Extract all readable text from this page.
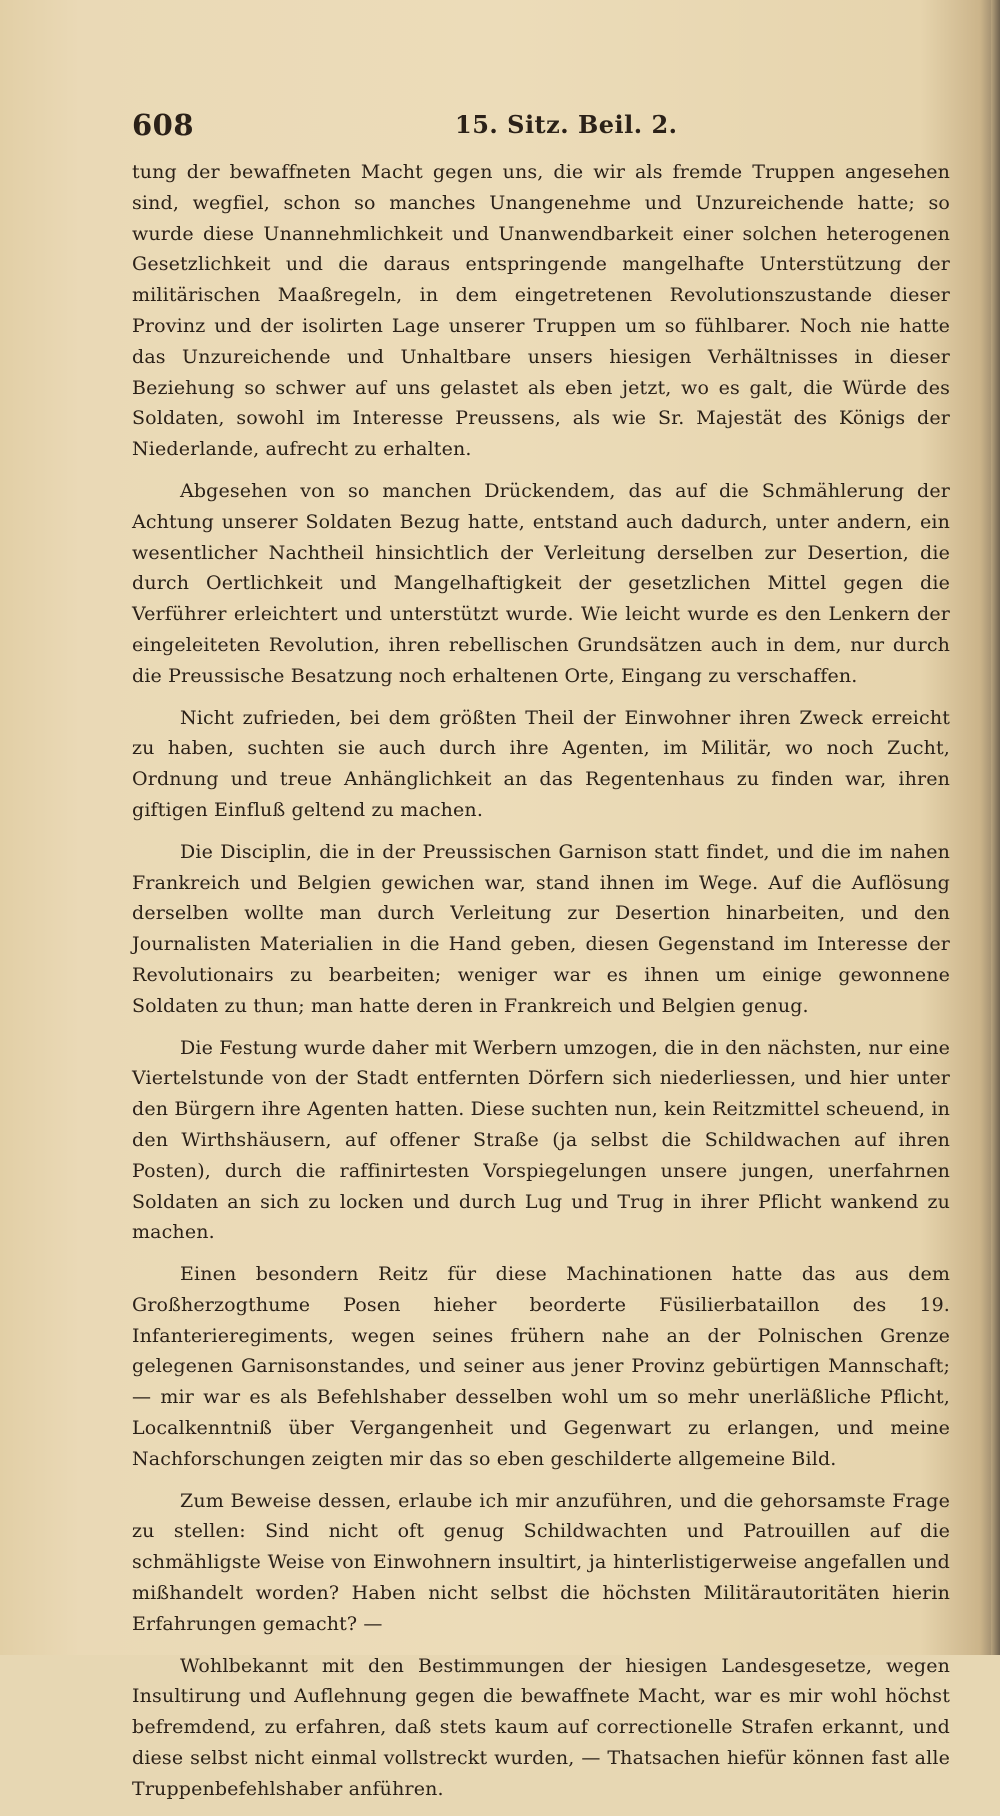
608	15. Sitz. Beil. 2.

tung der bewaffneten Macht gegen uns, die wir als fremde Truppen angesehen sind, wegfiel, schon so manches Unangenehme und Unzureichende hatte; so wurde diese Unannehmlichkeit und Unanwendbarkeit einer solchen heterogenen Gesetzlichkeit und die daraus entspringende mangelhafte Unterstützung der militärischen Maaßregeln, in dem eingetretenen Revolutionszustande dieser Provinz und der isolirten Lage unserer Truppen um so fühlbarer. Noch nie hatte das Unzureichende und Unhaltbare unsers hiesigen Verhältnisses in dieser Beziehung so schwer auf uns gelastet als eben jetzt, wo es galt, die Würde des Soldaten, sowohl im Interesse Preussens, als wie Sr. Majestät des Königs der Niederlande, aufrecht zu erhalten.

Abgesehen von so manchen Drückendem, das auf die Schmählerung der Achtung unserer Soldaten Bezug hatte, entstand auch dadurch, unter andern, ein wesentlicher Nachtheil hinsichtlich der Verleitung derselben zur Desertion, die durch Oertlichkeit und Mangelhaftigkeit der gesetzlichen Mittel gegen die Verführer erleichtert und unterstützt wurde. Wie leicht wurde es den Lenkern der eingeleiteten Revolution, ihren rebellischen Grundsätzen auch in dem, nur durch die Preussische Besatzung noch erhaltenen Orte, Eingang zu verschaffen.

Nicht zufrieden, bei dem größten Theil der Einwohner ihren Zweck erreicht zu haben, suchten sie auch durch ihre Agenten, im Militär, wo noch Zucht, Ordnung und treue Anhänglichkeit an das Regentenhaus zu finden war, ihren giftigen Einfluß geltend zu machen.

Die Disciplin, die in der Preussischen Garnison statt findet, und die im nahen Frankreich und Belgien gewichen war, stand ihnen im Wege. Auf die Auflösung derselben wollte man durch Verleitung zur Desertion hinarbeiten, und den Journalisten Materialien in die Hand geben, diesen Gegenstand im Interesse der Revolutionairs zu bearbeiten; weniger war es ihnen um einige gewonnene Soldaten zu thun; man hatte deren in Frankreich und Belgien genug.

Die Festung wurde daher mit Werbern umzogen, die in den nächsten, nur eine Viertelstunde von der Stadt entfernten Dörfern sich niederliessen, und hier unter den Bürgern ihre Agenten hatten. Diese suchten nun, kein Reitzmittel scheuend, in den Wirthshäusern, auf offener Straße (ja selbst die Schildwachen auf ihren Posten), durch die raffinirtesten Vorspiegelungen unsere jungen, unerfahrnen Soldaten an sich zu locken und durch Lug und Trug in ihrer Pflicht wankend zu machen.

Einen besondern Reitz für diese Machinationen hatte das aus dem Großherzogthume Posen hieher beorderte Füsilierbataillon des 19. Infanterieregiments, wegen seines frühern nahe an der Polnischen Grenze gelegenen Garnisonstandes, und seiner aus jener Provinz gebürtigen Mannschaft; — mir war es als Befehlshaber desselben wohl um so mehr unerläßliche Pflicht, Localkenntniß über Vergangenheit und Gegenwart zu erlangen, und meine Nachforschungen zeigten mir das so eben geschilderte allgemeine Bild.

Zum Beweise dessen, erlaube ich mir anzuführen, und die gehorsamste Frage zu stellen: Sind nicht oft genug Schildwachten und Patrouillen auf die schmähligste Weise von Einwohnern insultirt, ja hinterlistigerweise angefallen und mißhandelt worden? Haben nicht selbst die höchsten Militärautoritäten hierin Erfahrungen gemacht? —

Wohlbekannt mit den Bestimmungen der hiesigen Landesgesetze, wegen Insultirung und Auflehnung gegen die bewaffnete Macht, war es mir wohl höchst befremdend, zu erfahren, daß stets kaum auf correctionelle Strafen erkannt, und diese selbst nicht einmal vollstreckt wurden, — Thatsachen hiefür können fast alle Truppenbefehlshaber anführen.
